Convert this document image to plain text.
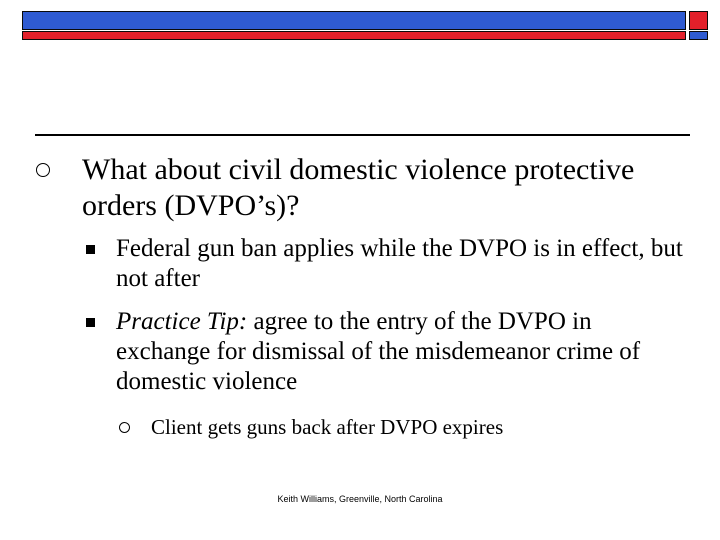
What about civil domestic violence protective orders (DVPO’s)?
Federal gun ban applies while the DVPO is in effect, but not after
Practice Tip: agree to the entry of the DVPO in exchange for dismissal of the misdemeanor crime of domestic violence
Client gets guns back after DVPO expires
Keith Williams, Greenville, North Carolina
